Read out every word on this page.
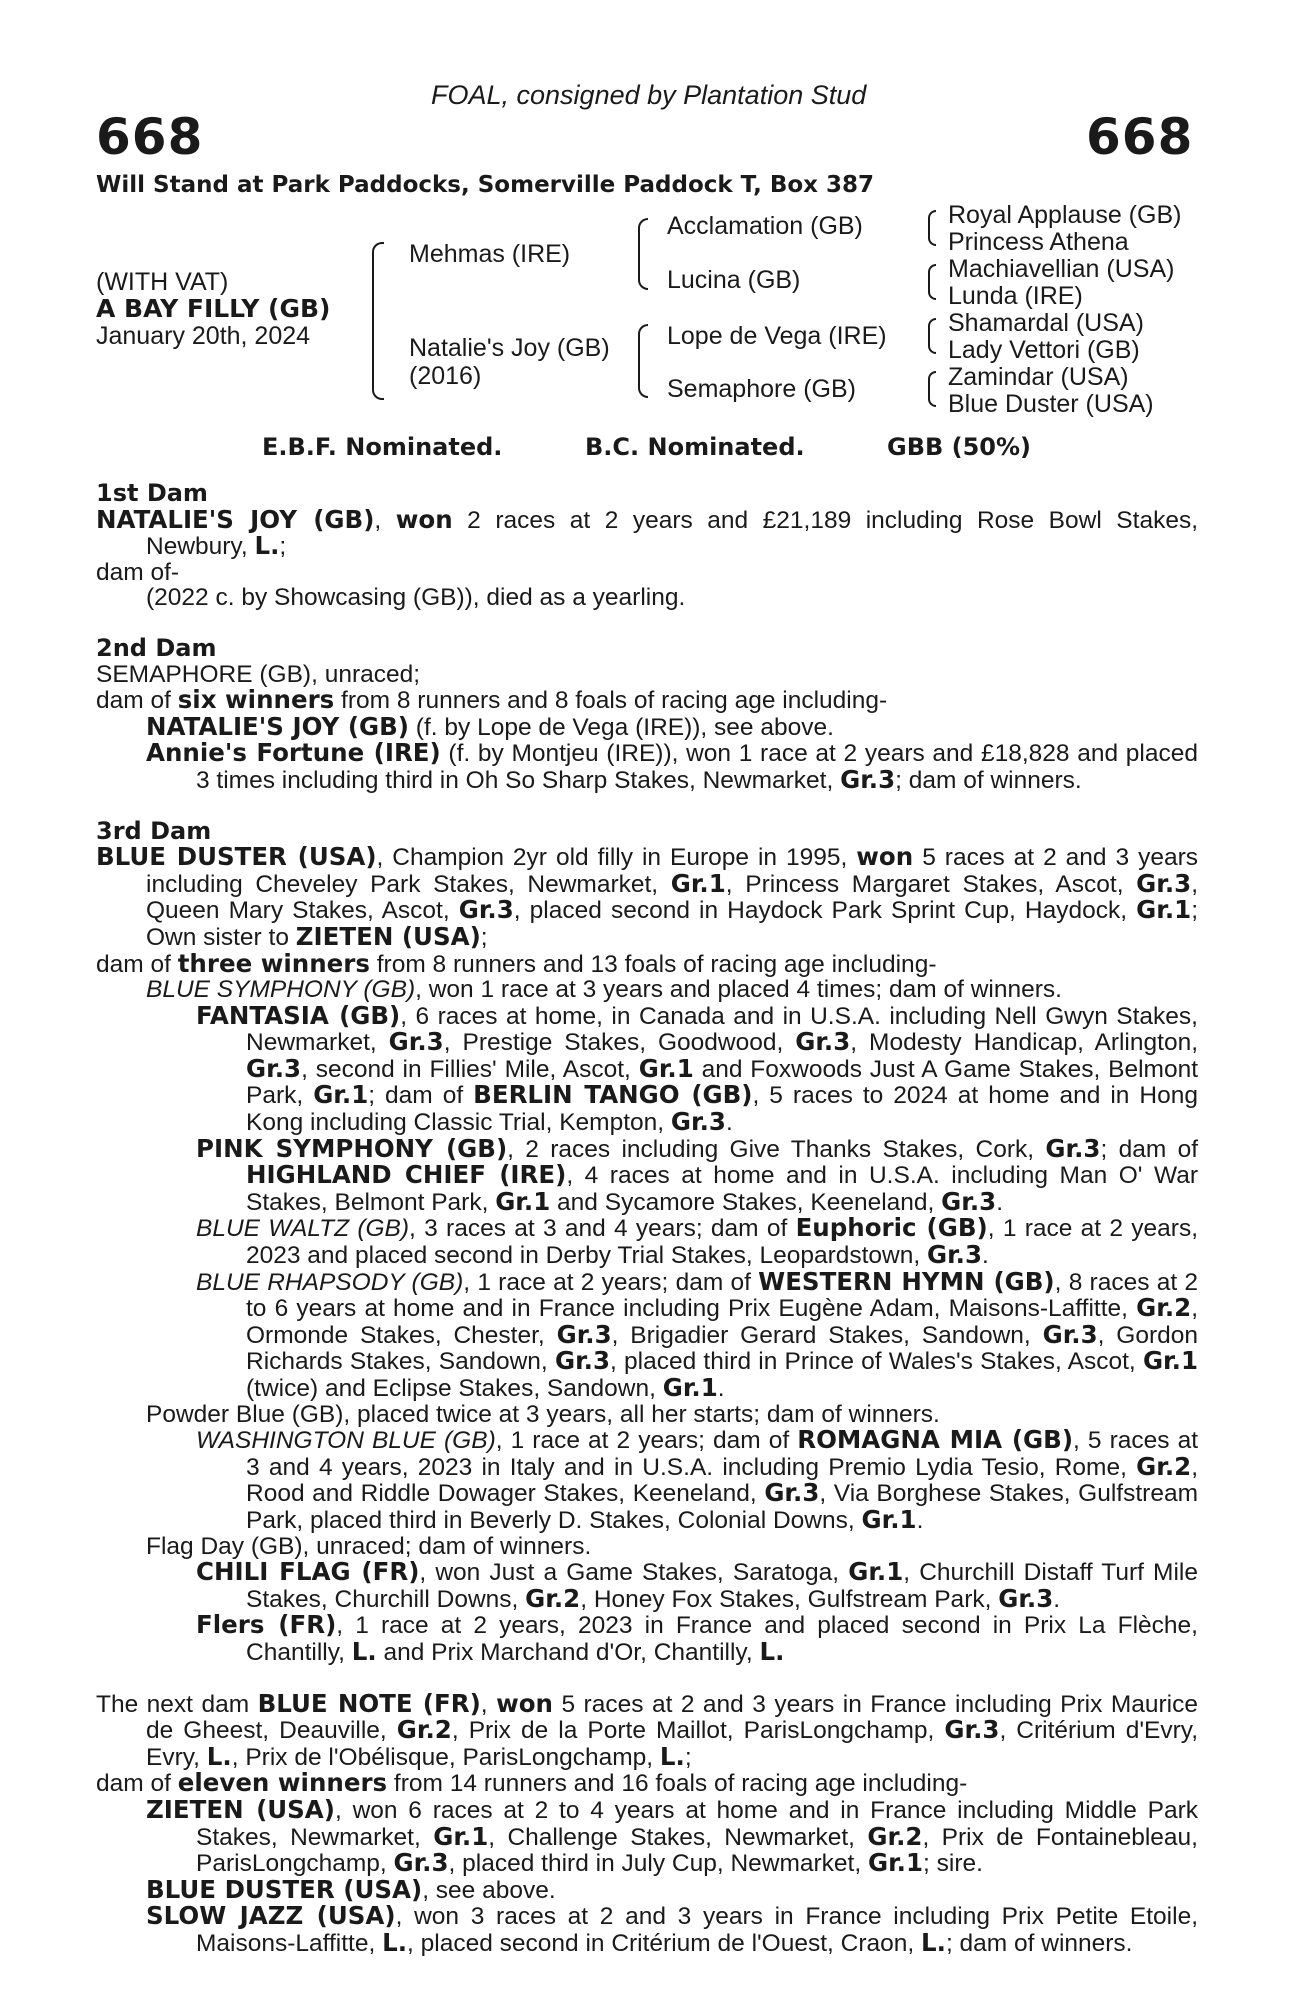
FOAL, consigned by Plantation Stud
668	668
Will Stand at Park Paddocks, Somerville Paddock T, Box 387
(WITH VAT)
A BAY FILLY (GB)
January 20th, 2024
Mehmas (IRE)
Natalie's Joy (GB)
(2016)
Acclamation (GB)
Lucina (GB)
Lope de Vega (IRE)
Semaphore (GB)
Royal Applause (GB)
Princess Athena
Machiavellian (USA)
Lunda (IRE)
Shamardal (USA)
Lady Vettori (GB)
Zamindar (USA)
Blue Duster (USA)
E.B.F. Nominated.	B.C. Nominated.	GBB (50%)

1st Dam

NATALIE'S JOY (GB), won 2 races at 2 years and £21,189 including Rose Bowl Stakes, Newbury, L.;

dam of-

(2022 c. by Showcasing (GB)), died as a yearling.

2nd Dam

SEMAPHORE (GB), unraced;

dam of six winners from 8 runners and 8 foals of racing age including-

NATALIE'S JOY (GB) (f. by Lope de Vega (IRE)), see above.

Annie's Fortune (IRE) (f. by Montjeu (IRE)), won 1 race at 2 years and £18,828 and placed 3 times including third in Oh So Sharp Stakes, Newmarket, Gr.3; dam of winners.

3rd Dam

BLUE DUSTER (USA), Champion 2yr old filly in Europe in 1995, won 5 races at 2 and 3 years including Cheveley Park Stakes, Newmarket, Gr.1, Princess Margaret Stakes, Ascot, Gr.3, Queen Mary Stakes, Ascot, Gr.3, placed second in Haydock Park Sprint Cup, Haydock, Gr.1; Own sister to ZIETEN (USA);

dam of three winners from 8 runners and 13 foals of racing age including-

BLUE SYMPHONY (GB), won 1 race at 3 years and placed 4 times; dam of winners.

FANTASIA (GB), 6 races at home, in Canada and in U.S.A. including Nell Gwyn Stakes, Newmarket, Gr.3, Prestige Stakes, Goodwood, Gr.3, Modesty Handicap, Arlington, Gr.3, second in Fillies' Mile, Ascot, Gr.1 and Foxwoods Just A Game Stakes, Belmont Park, Gr.1; dam of BERLIN TANGO (GB), 5 races to 2024 at home and in Hong Kong including Classic Trial, Kempton, Gr.3.

PINK SYMPHONY (GB), 2 races including Give Thanks Stakes, Cork, Gr.3; dam of HIGHLAND CHIEF (IRE), 4 races at home and in U.S.A. including Man O' War Stakes, Belmont Park, Gr.1 and Sycamore Stakes, Keeneland, Gr.3.

BLUE WALTZ (GB), 3 races at 3 and 4 years; dam of Euphoric (GB), 1 race at 2 years, 2023 and placed second in Derby Trial Stakes, Leopardstown, Gr.3.

BLUE RHAPSODY (GB), 1 race at 2 years; dam of WESTERN HYMN (GB), 8 races at 2 to 6 years at home and in France including Prix Eugène Adam, Maisons-Laffitte, Gr.2, Ormonde Stakes, Chester, Gr.3, Brigadier Gerard Stakes, Sandown, Gr.3, Gordon Richards Stakes, Sandown, Gr.3, placed third in Prince of Wales's Stakes, Ascot, Gr.1 (twice) and Eclipse Stakes, Sandown, Gr.1.

Powder Blue (GB), placed twice at 3 years, all her starts; dam of winners.

WASHINGTON BLUE (GB), 1 race at 2 years; dam of ROMAGNA MIA (GB), 5 races at 3 and 4 years, 2023 in Italy and in U.S.A. including Premio Lydia Tesio, Rome, Gr.2, Rood and Riddle Dowager Stakes, Keeneland, Gr.3, Via Borghese Stakes, Gulfstream Park, placed third in Beverly D. Stakes, Colonial Downs, Gr.1.

Flag Day (GB), unraced; dam of winners.

CHILI FLAG (FR), won Just a Game Stakes, Saratoga, Gr.1, Churchill Distaff Turf Mile Stakes, Churchill Downs, Gr.2, Honey Fox Stakes, Gulfstream Park, Gr.3.

Flers (FR), 1 race at 2 years, 2023 in France and placed second in Prix La Flèche, Chantilly, L. and Prix Marchand d'Or, Chantilly, L.

The next dam BLUE NOTE (FR), won 5 races at 2 and 3 years in France including Prix Maurice de Gheest, Deauville, Gr.2, Prix de la Porte Maillot, ParisLongchamp, Gr.3, Critérium d'Evry, Evry, L., Prix de l'Obélisque, ParisLongchamp, L.;

dam of eleven winners from 14 runners and 16 foals of racing age including-

ZIETEN (USA), won 6 races at 2 to 4 years at home and in France including Middle Park Stakes, Newmarket, Gr.1, Challenge Stakes, Newmarket, Gr.2, Prix de Fontainebleau, ParisLongchamp, Gr.3, placed third in July Cup, Newmarket, Gr.1; sire.

BLUE DUSTER (USA), see above.

SLOW JAZZ (USA), won 3 races at 2 and 3 years in France including Prix Petite Etoile, Maisons-Laffitte, L., placed second in Critérium de l'Ouest, Craon, L.; dam of winners.
